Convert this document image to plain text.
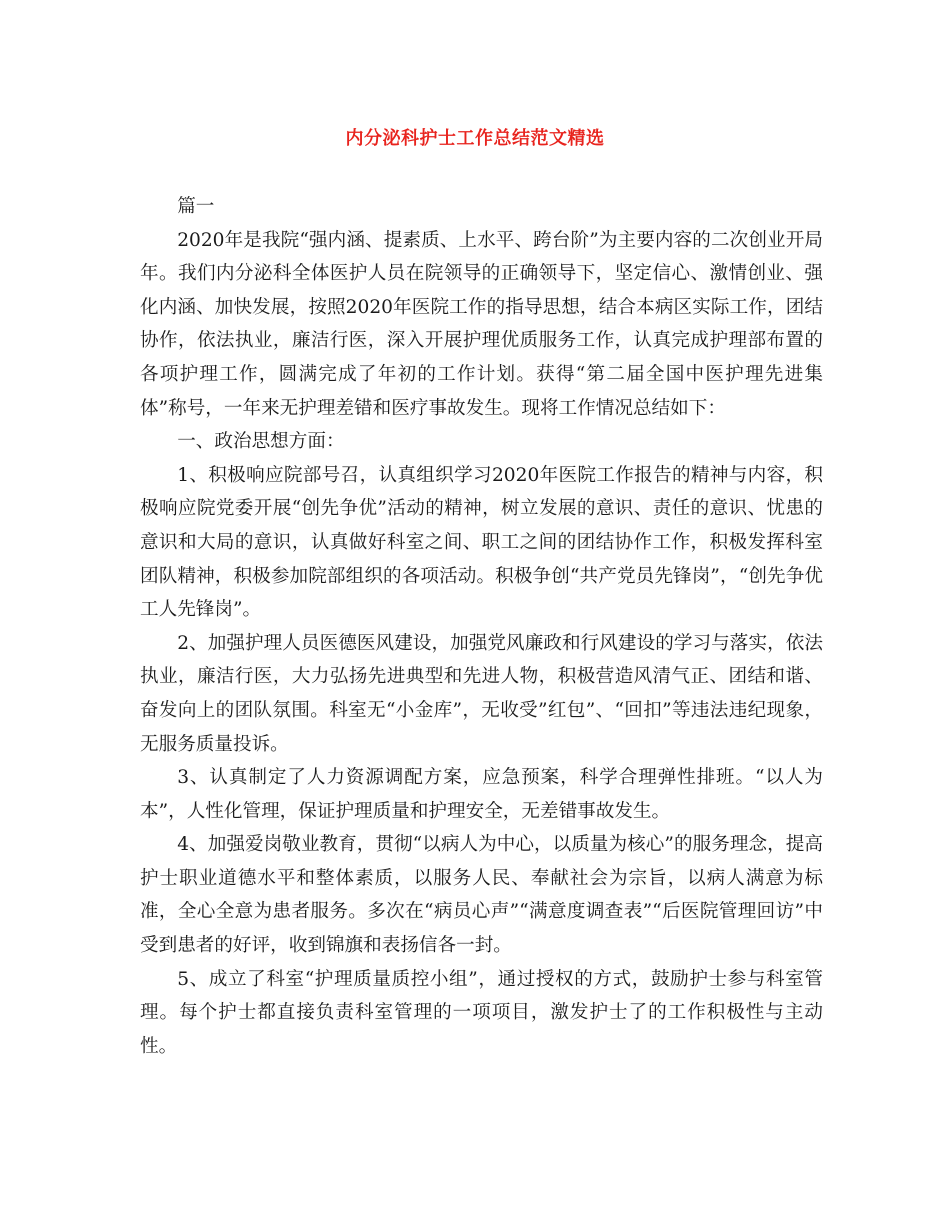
内分泌科护士工作总结范文精选

篇一

2020年是我院“强内涵、提素质、上水平、跨台阶”为主要内容的二次创业开局年。我们内分泌科全体医护人员在院领导的正确领导下，坚定信心、激情创业、强化内涵、加快发展，按照2020年医院工作的指导思想，结合本病区实际工作，团结协作，依法执业，廉洁行医，深入开展护理优质服务工作，认真完成护理部布置的各项护理工作，圆满完成了年初的工作计划。获得“第二届全国中医护理先进集体”称号，一年来无护理差错和医疗事故发生。现将工作情况总结如下：

一、政治思想方面：

1、积极响应院部号召，认真组织学习2020年医院工作报告的精神与内容，积极响应院党委开展“创先争优”活动的精神，树立发展的意识、责任的意识、忧患的意识和大局的意识，认真做好科室之间、职工之间的团结协作工作，积极发挥科室团队精神，积极参加院部组织的各项活动。积极争创“共产党员先锋岗”，“创先争优工人先锋岗”。

2、加强护理人员医德医风建设，加强党风廉政和行风建设的学习与落实，依法执业，廉洁行医，大力弘扬先进典型和先进人物，积极营造风清气正、团结和谐、奋发向上的团队氛围。科室无“小金库”，无收受”红包”、“回扣”等违法违纪现象，无服务质量投诉。

3、认真制定了人力资源调配方案，应急预案，科学合理弹性排班。“以人为本”，人性化管理，保证护理质量和护理安全，无差错事故发生。

4、加强爱岗敬业教育，贯彻“以病人为中心，以质量为核心”的服务理念，提高护士职业道德水平和整体素质，以服务人民、奉献社会为宗旨，以病人满意为标准，全心全意为患者服务。多次在“病员心声”“满意度调查表”“后医院管理回访”中受到患者的好评，收到锦旗和表扬信各一封。

5、成立了科室“护理质量质控小组”，通过授权的方式，鼓励护士参与科室管理。每个护士都直接负责科室管理的一项项目，激发护士了的工作积极性与主动性。
